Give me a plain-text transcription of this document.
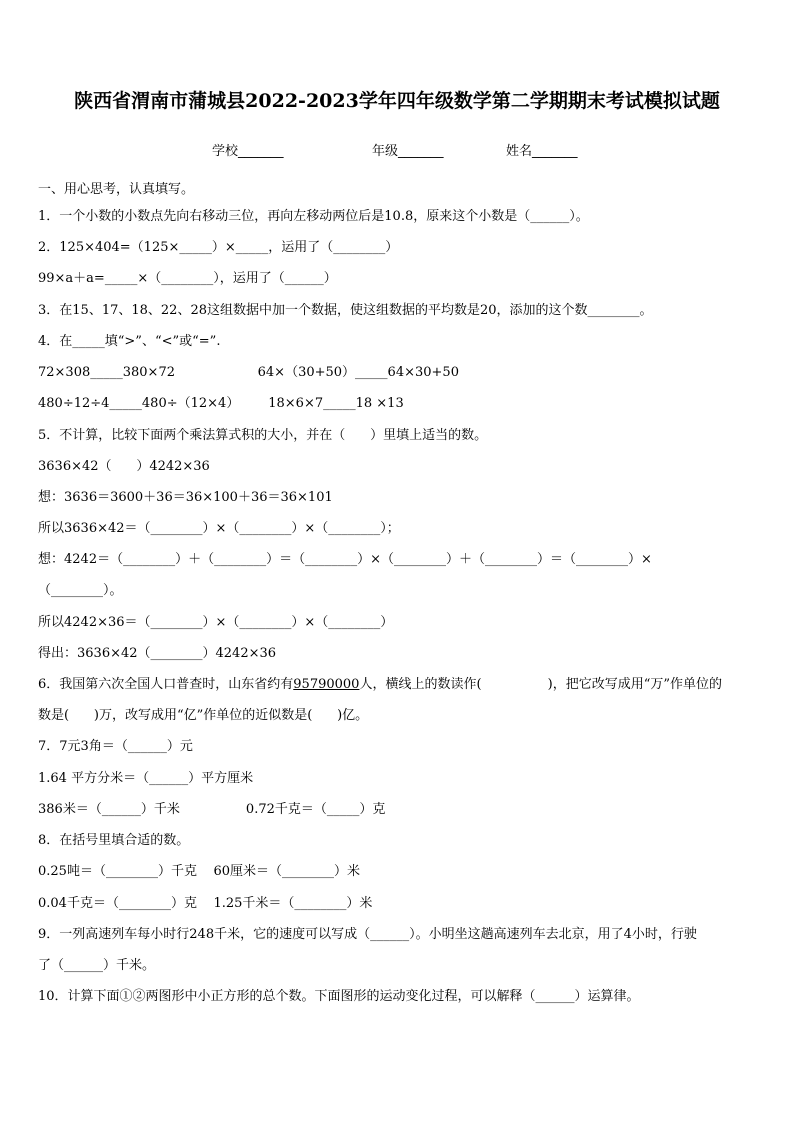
陕西省渭南市蒲城县2022-2023学年四年级数学第二学期期末考试模拟试题
学校_______	年级_______	姓名_______
一、用心思考，认真填写。
1．一个小数的小数点先向右移动三位，再向左移动两位后是10.8，原来这个小数是（______）。
2．125×404=（125×_____）×_____，运用了（________）
99×a＋a=_____×（________），运用了（______）
3．在15、17、18、22、28这组数据中加一个数据，使这组数据的平均数是20，添加的这个数________。
4．在_____填“>”、“<”或“=”.
72×308_____380×72                    64×（30+50）_____64×30+50
480÷12÷4_____480÷（12×4）       18×6×7_____18 ×13
5．不计算，比较下面两个乘法算式积的大小，并在（      ）里填上适当的数。
3636×42（      ）4242×36
想：3636＝3600＋36＝36×100＋36＝36×101
所以3636×42＝（________）×（________）×（________）；
想：4242＝（________）＋（________）＝（________）×（________）＋（________）＝（________）×
（________）。
所以4242×36＝（________）×（________）×（________）
得出：3636×42（________）4242×36
6．我国第六次全国人口普查时，山东省约有95790000人，横线上的数读作(                )，把它改写成用“万”作单位的
数是(      )万，改写成用“亿”作单位的近似数是(      )亿。
7．7元3角＝（______）元
1.64 平方分米＝（______）平方厘米
386米＝（______）千米                0.72千克＝（_____）克
8．在括号里填合适的数。
0.25吨＝（________）千克    60厘米＝（________）米
0.04千克＝（________）克    1.25千米＝（________）米
9．一列高速列车每小时行248千米，它的速度可以写成（______）。小明坐这趟高速列车去北京，用了4小时，行驶
了（______）千米。
10．计算下面①②两图形中小正方形的总个数。下面图形的运动变化过程，可以解释（______）运算律。
